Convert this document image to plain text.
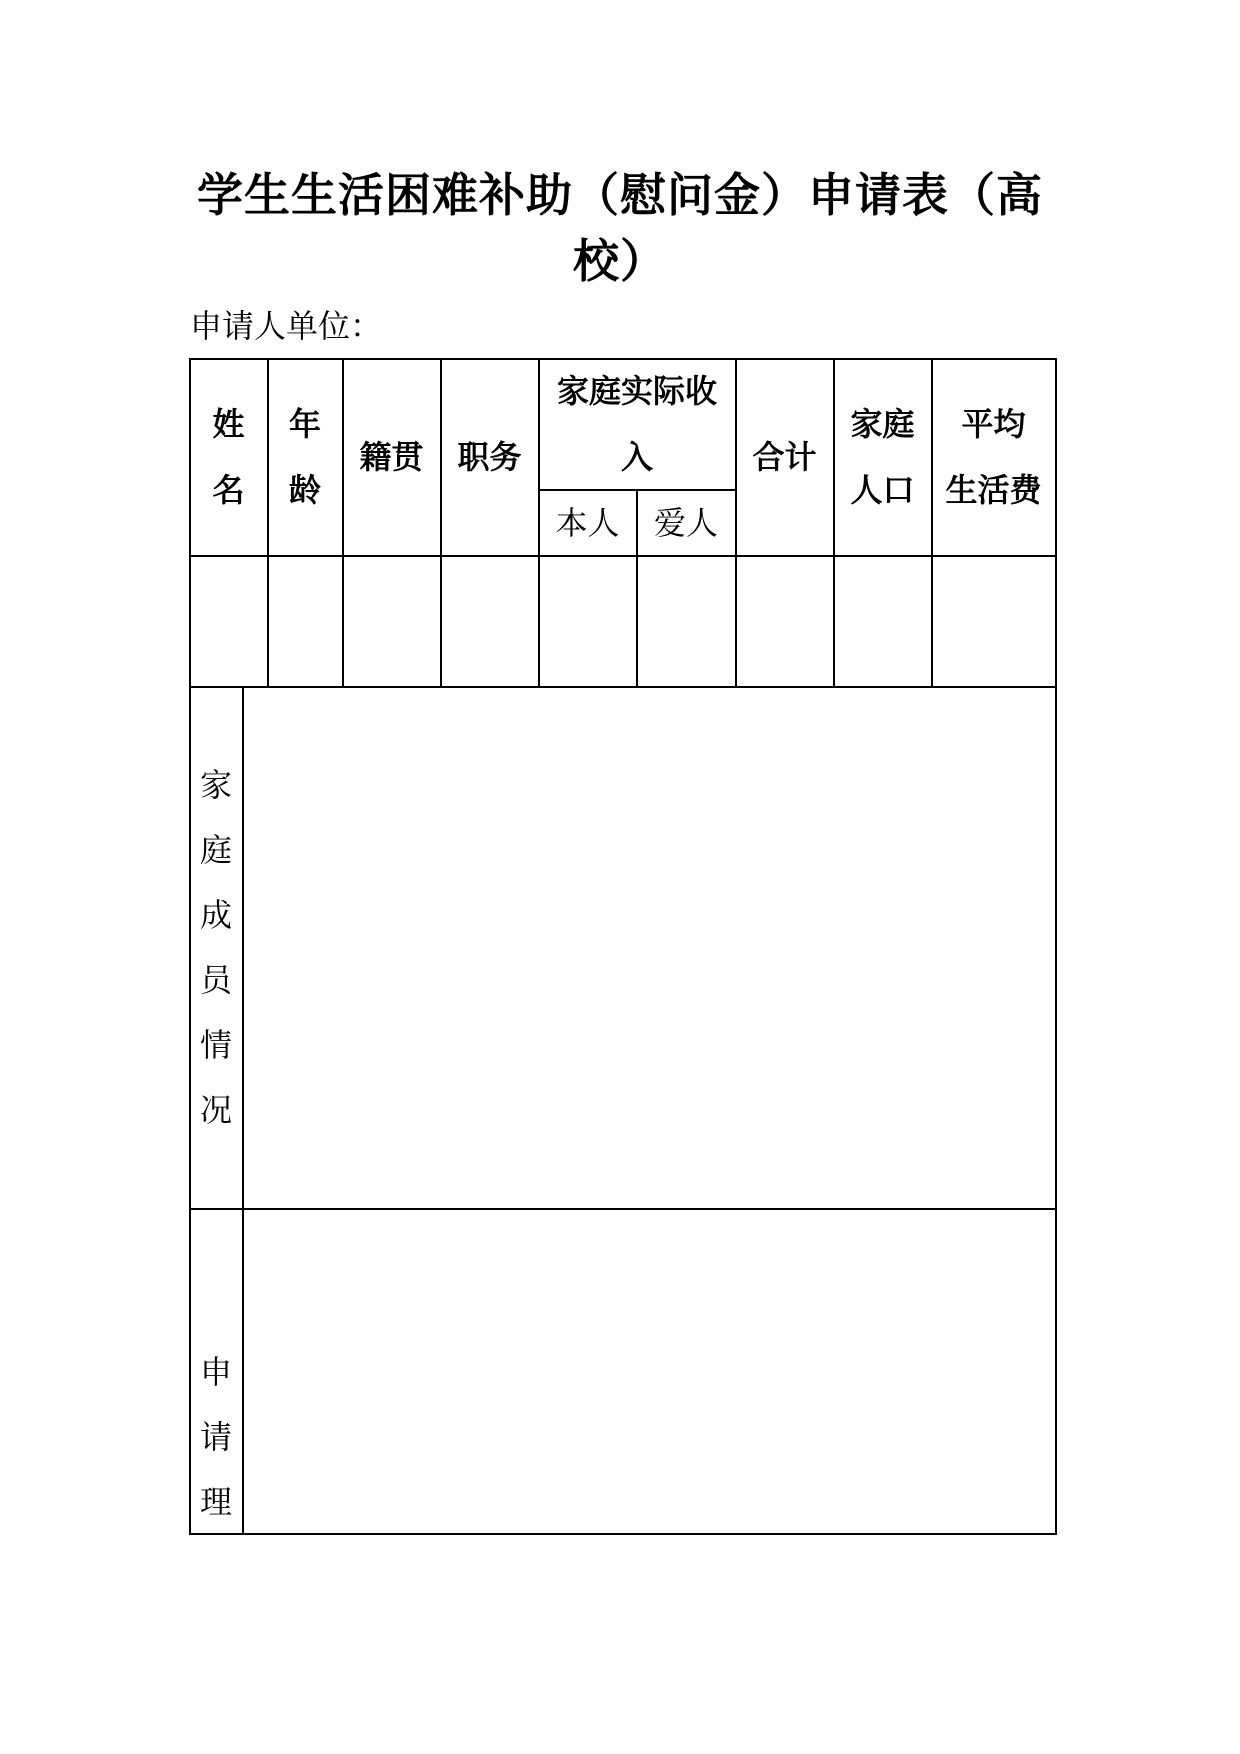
学生生活困难补助（慰问金）申请表（高校）
申请人单位：
姓
名
年
龄
籍贯	职务
家庭实际收
入
本人	爱人
合计
家庭
人口
平均
生活费
家
庭
成
员
情
况
申
请
理
